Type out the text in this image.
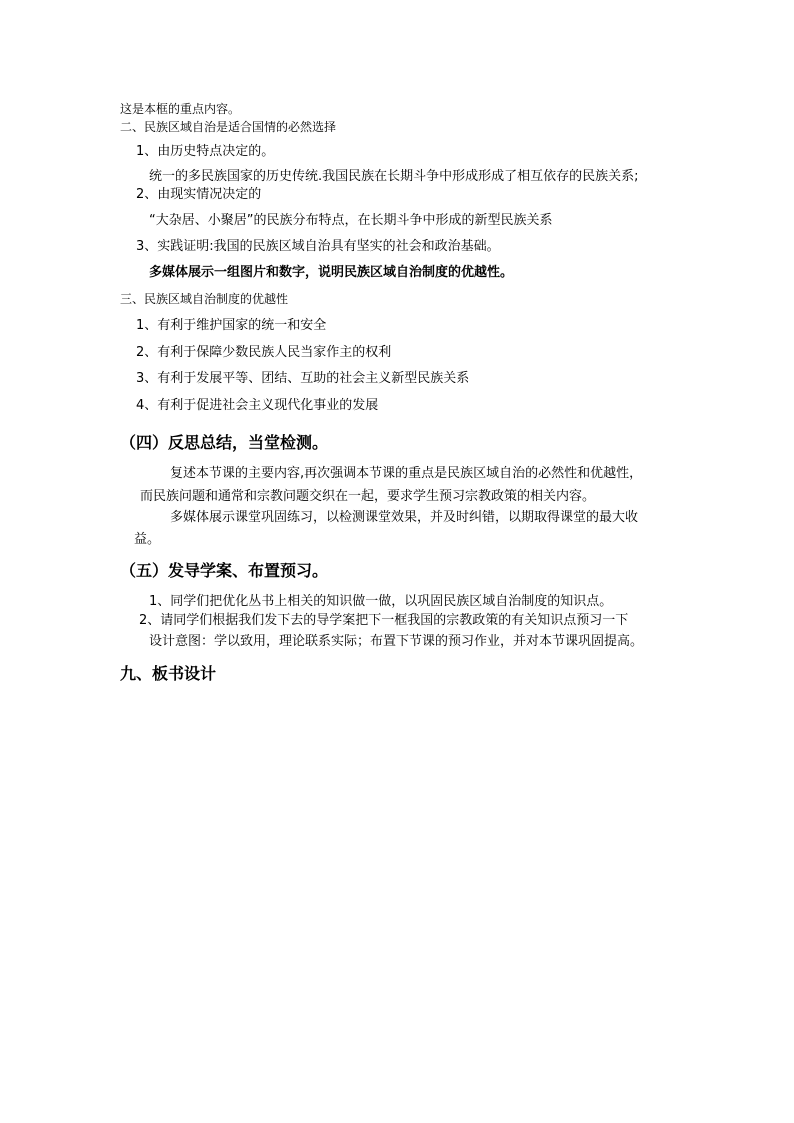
这是本框的重点内容。
二、民族区域自治是适合国情的必然选择
1、由历史特点决定的。
统一的多民族国家的历史传统.我国民族在长期斗争中形成形成了相互依存的民族关系;
2、由现实情况决定的
“大杂居、小聚居”的民族分布特点，在长期斗争中形成的新型民族关系
3、实践证明:我国的民族区域自治具有坚实的社会和政治基础。
多媒体展示一组图片和数字，说明民族区域自治制度的优越性。
三、民族区域自治制度的优越性
1、有利于维护国家的统一和安全
2、有利于保障少数民族人民当家作主的权利
3、有利于发展平等、团结、互助的社会主义新型民族关系
4、有利于促进社会主义现代化事业的发展
（四）反思总结，当堂检测。
复述本节课的主要内容,再次强调本节课的重点是民族区域自治的必然性和优越性，
而民族问题和通常和宗教问题交织在一起，要求学生预习宗教政策的相关内容。
多媒体展示课堂巩固练习，以检测课堂效果，并及时纠错，以期取得课堂的最大收
益。
（五）发导学案、布置预习。
1、同学们把优化丛书上相关的知识做一做，以巩固民族区域自治制度的知识点。
2、请同学们根据我们发下去的导学案把下一框我国的宗教政策的有关知识点预习一下
设计意图：学以致用，理论联系实际；布置下节课的预习作业，并对本节课巩固提高。
九、板书设计
